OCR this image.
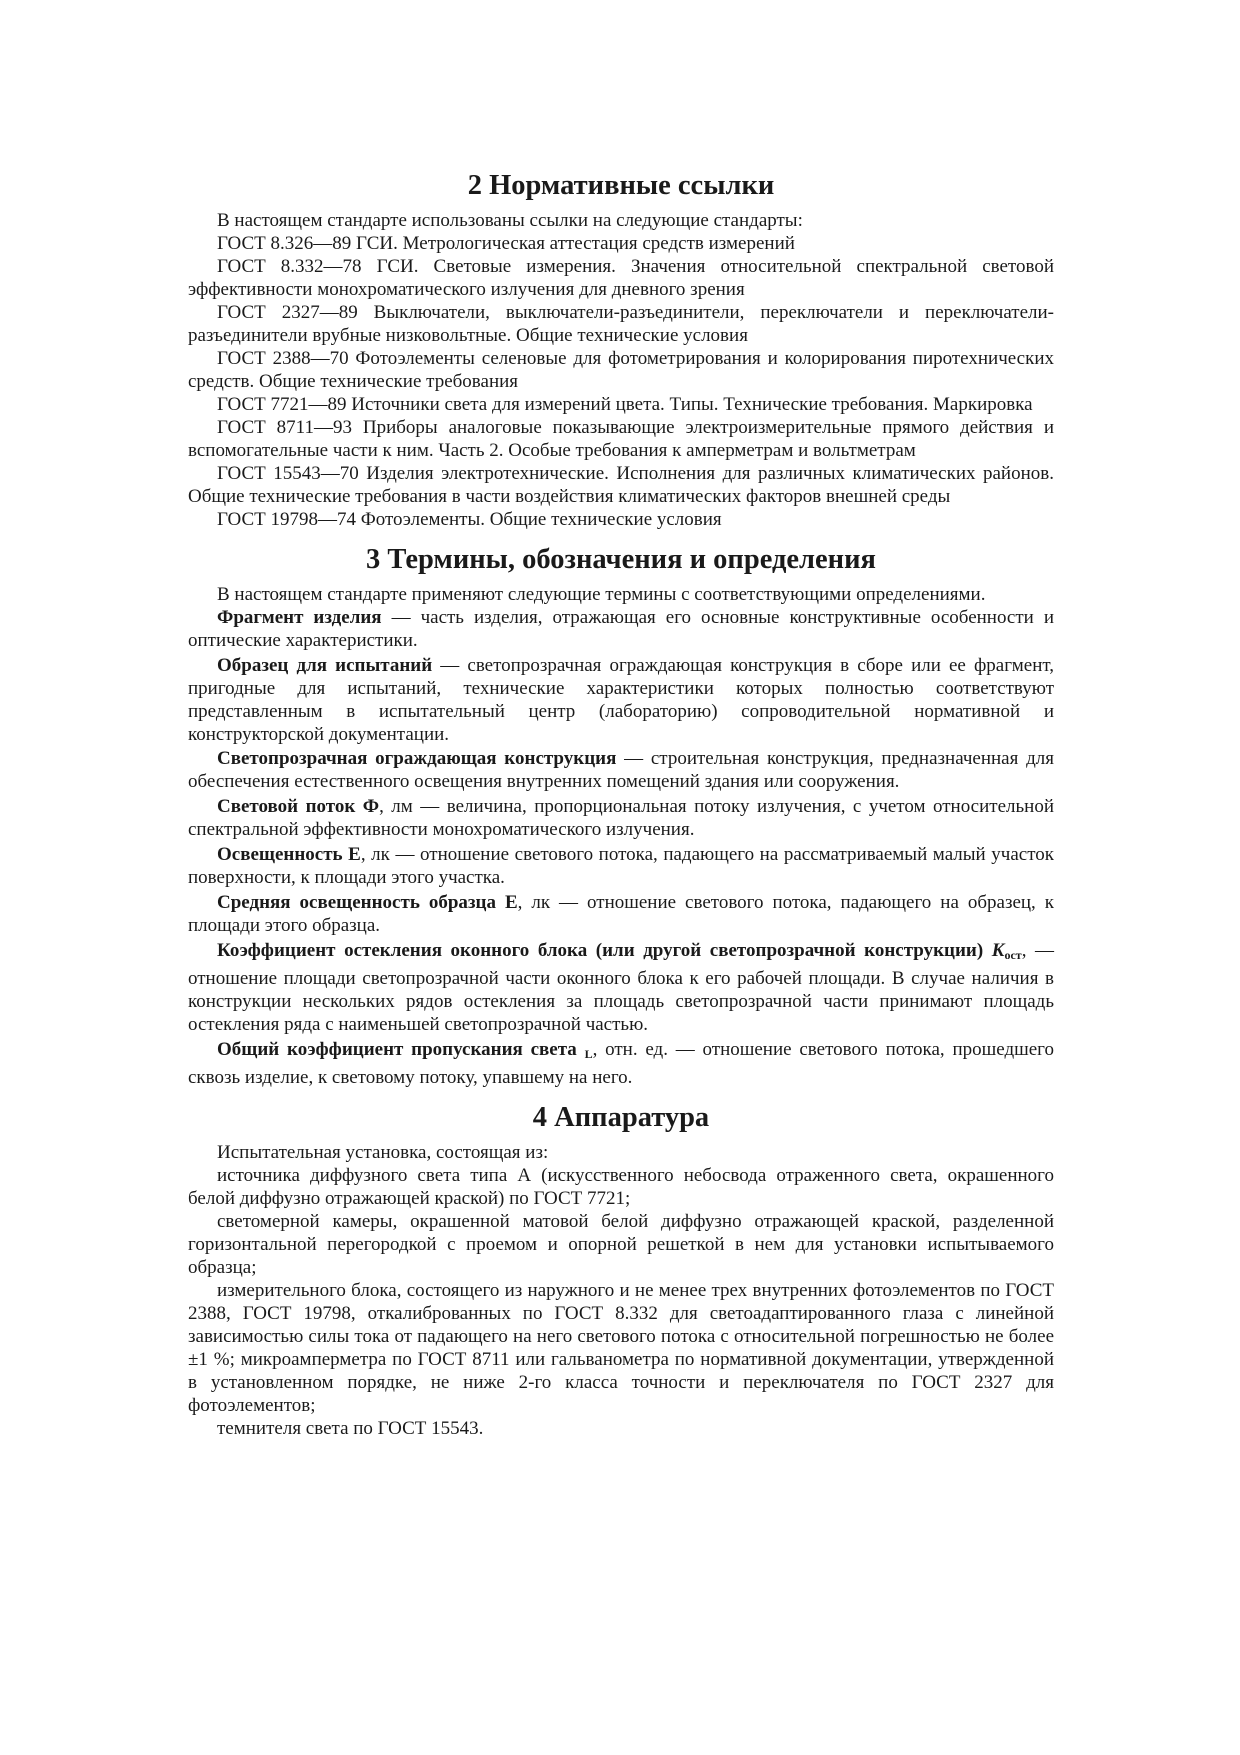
2 Нормативные ссылки

В настоящем стандарте использованы ссылки на следующие стандарты:

ГОСТ 8.326—89 ГСИ. Метрологическая аттестация средств измерений

ГОСТ 8.332—78 ГСИ. Световые измерения. Значения относительной спектральной световой эффективности монохроматического излучения для дневного зрения

ГОСТ 2327—89 Выключатели, выключатели-разъединители, переключатели и переключатели-разъединители врубные низковольтные. Общие технические условия

ГОСТ 2388—70 Фотоэлементы селеновые для фотометрирования и колорирования пиротехнических средств. Общие технические требования

ГОСТ 7721—89 Источники света для измерений цвета. Типы. Технические требования. Маркировка

ГОСТ 8711—93 Приборы аналоговые показывающие электроизмерительные прямого действия и вспомогательные части к ним. Часть 2. Особые требования к амперметрам и вольтметрам

ГОСТ 15543—70 Изделия электротехнические. Исполнения для различных климатических районов. Общие технические требования в части воздействия климатических факторов внешней среды

ГОСТ 19798—74 Фотоэлементы. Общие технические условия

3 Термины, обозначения и определения

В настоящем стандарте применяют следующие термины с соответствующими определениями.

Фрагмент изделия — часть изделия, отражающая его основные конструктивные особенности и оптические характеристики.

Образец для испытаний — светопрозрачная ограждающая конструкция в сборе или ее фрагмент, пригодные для испытаний, технические характеристики которых полностью соответствуют представленным в испытательный центр (лабораторию) сопроводительной нормативной и конструкторской документации.

Светопрозрачная ограждающая конструкция — строительная конструкция, предназначенная для обеспечения естественного освещения внутренних помещений здания или сооружения.

Световой поток Ф, лм — величина, пропорциональная потоку излучения, с учетом относительной спектральной эффективности монохроматического излучения.

Освещенность Е, лк — отношение светового потока, падающего на рассматриваемый малый участок поверхности, к площади этого участка.

Средняя освещенность образца Е, лк — отношение светового потока, падающего на образец, к площади этого образца.

Коэффициент остекления оконного блока (или другой светопрозрачной конструкции) Kост, — отношение площади светопрозрачной части оконного блока к его рабочей площади. В случае наличия в конструкции нескольких рядов остекления за площадь светопрозрачной части принимают площадь остекления ряда с наименьшей светопрозрачной частью.

Общий коэффициент пропускания света L, отн. ед. — отношение светового потока, прошедшего сквозь изделие, к световому потоку, упавшему на него.

4 Аппаратура

Испытательная установка, состоящая из:

источника диффузного света типа А (искусственного небосвода отраженного света, окрашенного белой диффузно отражающей краской) по ГОСТ 7721;

светомерной камеры, окрашенной матовой белой диффузно отражающей краской, разделенной горизонтальной перегородкой с проемом и опорной решеткой в нем для установки испытываемого образца;

измерительного блока, состоящего из наружного и не менее трех внутренних фотоэлементов по ГОСТ 2388, ГОСТ 19798, откалиброванных по ГОСТ 8.332 для светоадаптированного глаза с линейной зависимостью силы тока от падающего на него светового потока с относительной погрешностью не более ±1 %; микроамперметра по ГОСТ 8711 или гальванометра по нормативной документации, утвержденной в установленном порядке, не ниже 2-го класса точности и переключателя по ГОСТ 2327 для фотоэлементов;

темнителя света по ГОСТ 15543.
